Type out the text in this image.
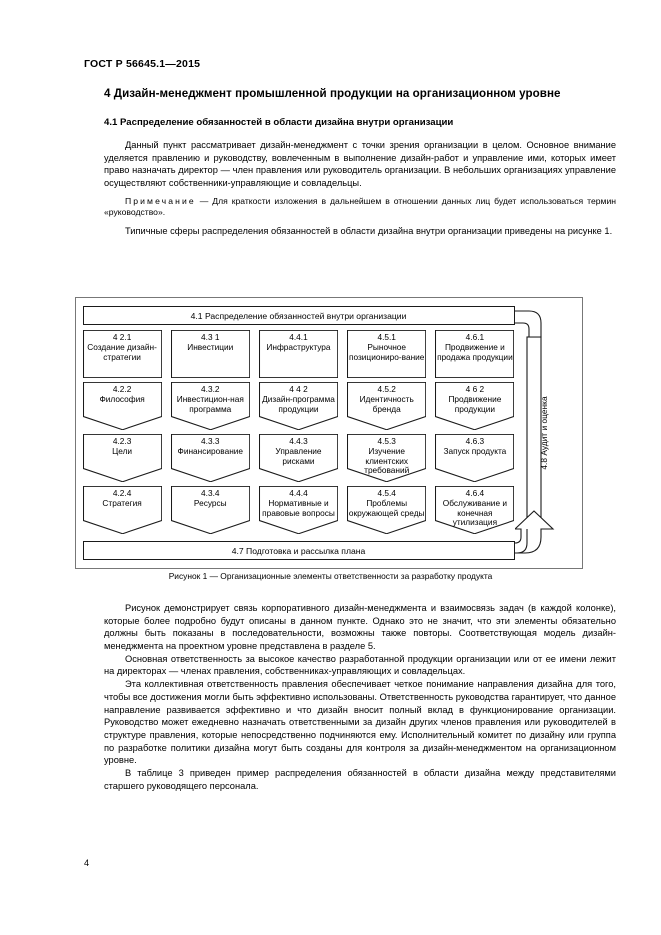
ГОСТ Р 56645.1—2015
4 Дизайн-менеджмент промышленной продукции на организационном уровне
4.1 Распределение обязанностей в области дизайна внутри организации

Данный пункт рассматривает дизайн-менеджмент с точки зрения организации в целом. Основное внимание уделяется правлению и руководству, вовлеченным в выполнение дизайн-работ и управление ими, которых имеет право назначать директор — член правления или руководитель организации. В небольших организациях управление осуществляют собственники-управляющие и совладельцы.

Примечание — Для краткости изложения в дальнейшем в отношении данных лиц будет использоваться термин «руководство».

Типичные сферы распределения обязанностей в области дизайна внутри организации приведены на рисунке 1.

4.1 Распределение обязанностей внутри организации
4 2.1
Создание дизайн-стратегии
4.3 1
Инвестиции
4.4.1
Инфраструктура
4.5.1
Рыночное позициониро-вание
4.6.1
Продвижение и продажа продукции
4.2.2
Философия
4.3.2
Инвестицион-ная программа
4 4 2
Дизайн-программа продукции
4.5.2
Идентичность бренда
4 6 2
Продвижение продукции
4.2.3
Цели
4.3.3
Финансирование
4.4.3
Управление рисками
4.5.3
Изучение клиентских требований
4.6.3
Запуск продукта
4.2.4
Стратегия
4.3.4
Ресурсы
4.4.4
Нормативные и правовые вопросы
4.5.4
Проблемы окружающей среды
4.6.4
Обслуживание и конечная утилизация
4.7 Подготовка и рассылка плана
4.8 Аудит и оценка
Рисунок 1 — Организационные элементы ответственности за разработку продукта

Рисунок демонстрирует связь корпоративного дизайн-менеджмента и взаимосвязь задач (в каждой колонке), которые более подробно будут описаны в данном пункте. Однако это не значит, что эти элементы обязательно должны быть показаны в последовательности, возможны также повторы. Соответствующая модель дизайн-менеджмента на проектном уровне представлена в разделе 5.

Основная ответственность за высокое качество разработанной продукции организации или от ее имени лежит на директорах — членах правления, собственниках-управляющих и совладельцах.

Эта коллективная ответственность правления обеспечивает четкое понимание направления дизайна для того, чтобы все достижения могли быть эффективно использованы. Ответственность руководства гарантирует, что данное направление развивается эффективно и что дизайн вносит полный вклад в функционирование организации. Руководство может ежедневно назначать ответственными за дизайн других членов правления или руководителей в структуре правления, которые непосредственно подчиняются ему. Исполнительный комитет по дизайну или группа по разработке политики дизайна могут быть созданы для контроля за дизайн-менеджментом на организационном уровне.

В таблице 3 приведен пример распределения обязанностей в области дизайна между представителями старшего руководящего персонала.

4
